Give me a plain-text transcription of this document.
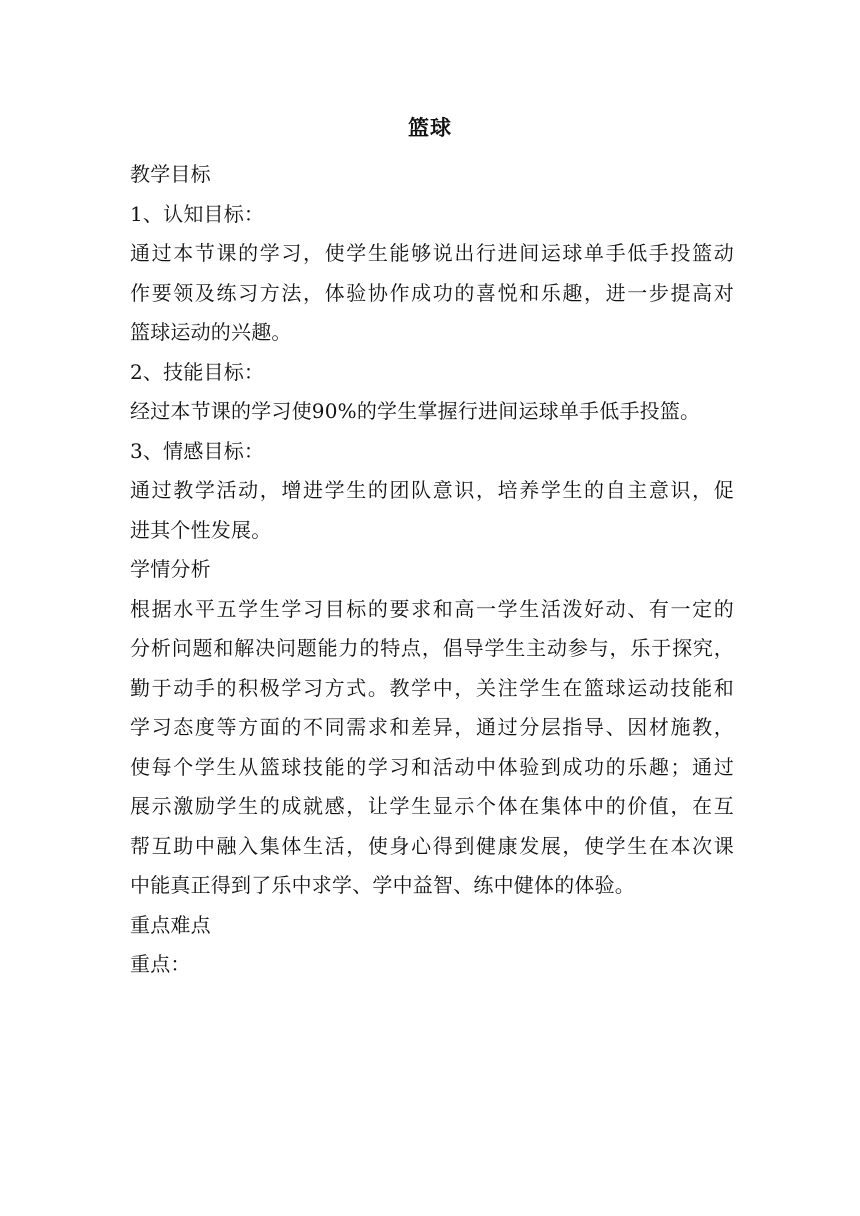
篮球
教学目标
1、认知目标：
通过本节课的学习，使学生能够说出行进间运球单手低手投篮动
作要领及练习方法，体验协作成功的喜悦和乐趣，进一步提高对
篮球运动的兴趣。
2、技能目标：
经过本节课的学习使90%的学生掌握行进间运球单手低手投篮。
3、情感目标：
通过教学活动，增进学生的团队意识，培养学生的自主意识，促
进其个性发展。
学情分析
根据水平五学生学习目标的要求和高一学生活泼好动、有一定的
分析问题和解决问题能力的特点，倡导学生主动参与，乐于探究，
勤于动手的积极学习方式。教学中，关注学生在篮球运动技能和
学习态度等方面的不同需求和差异，通过分层指导、因材施教，
使每个学生从篮球技能的学习和活动中体验到成功的乐趣；通过
展示激励学生的成就感，让学生显示个体在集体中的价值，在互
帮互助中融入集体生活，使身心得到健康发展，使学生在本次课
中能真正得到了乐中求学、学中益智、练中健体的体验。
重点难点
重点：
